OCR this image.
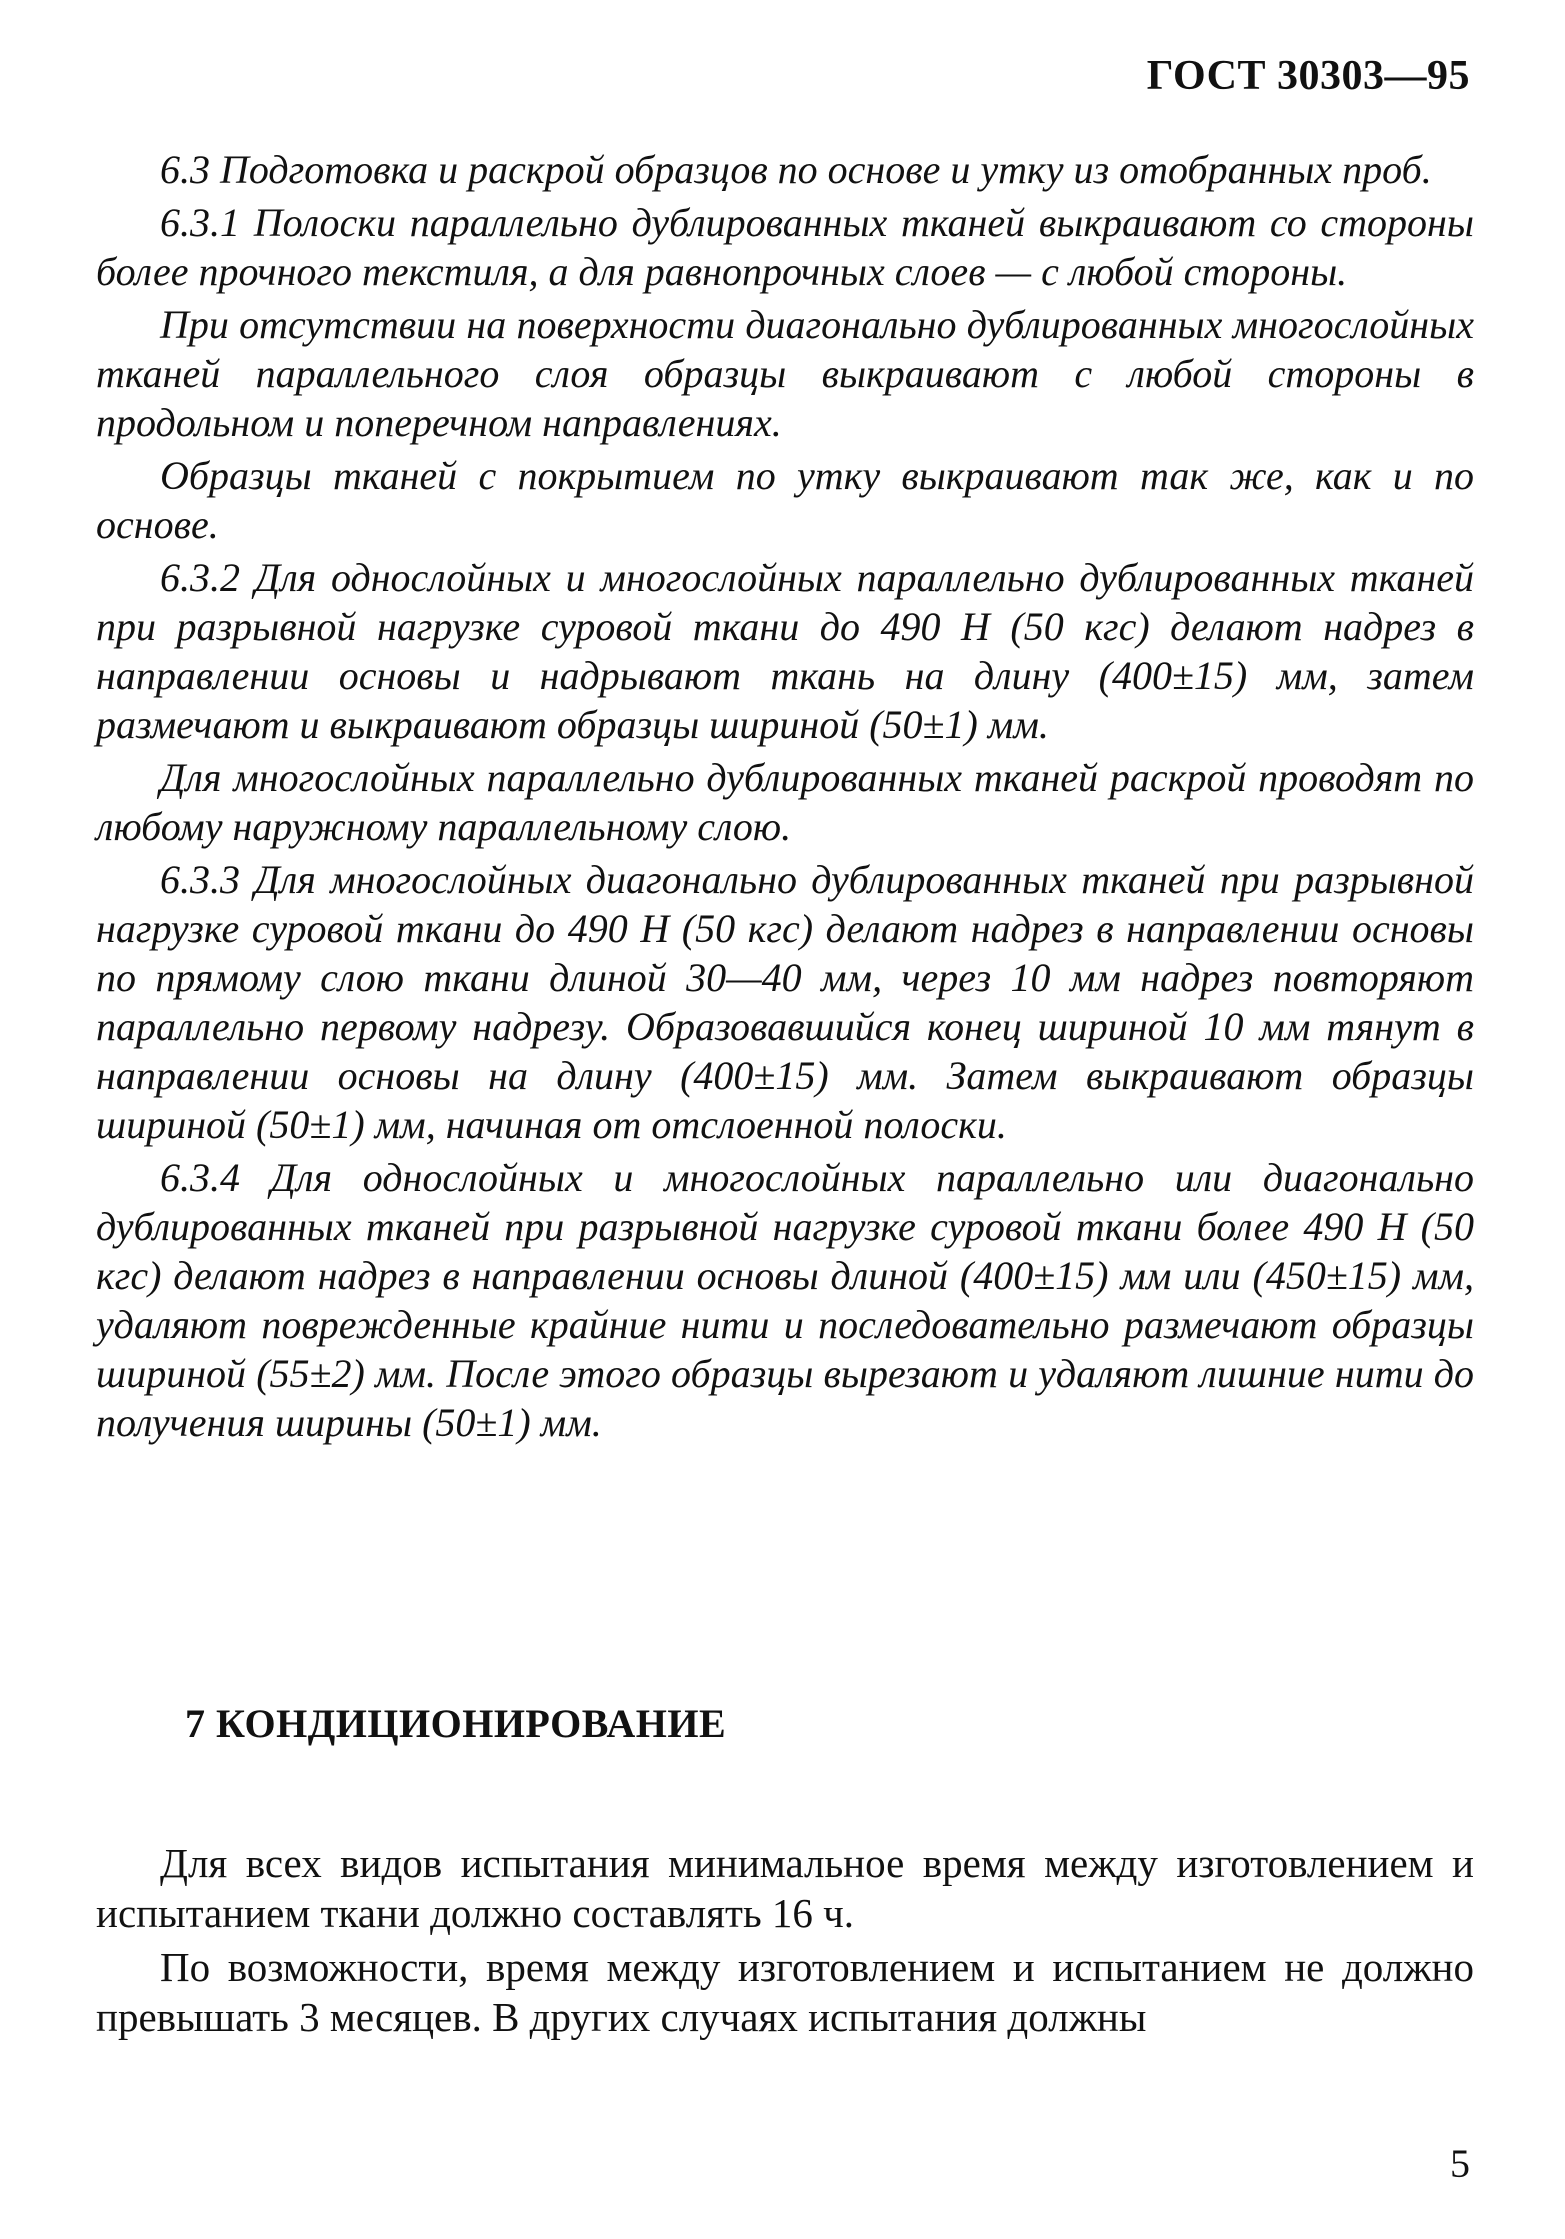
ГОСТ 30303—95

6.3 Подготовка и раскрой образцов по основе и утку из отобранных проб.

6.3.1 Полоски параллельно дублированных тканей выкраивают со стороны более прочного текстиля, а для равнопрочных слоев — с любой стороны.

При отсутствии на поверхности диагонально дублированных многослойных тканей параллельного слоя образцы выкраивают с любой стороны в продольном и поперечном направлениях.

Образцы тканей с покрытием по утку выкраивают так же, как и по основе.

6.3.2 Для однослойных и многослойных параллельно дублированных тканей при разрывной нагрузке суровой ткани до 490 Н (50 кгс) делают надрез в направлении основы и надрывают ткань на длину (400±15) мм, затем размечают и выкраивают образцы шириной (50±1) мм.

Для многослойных параллельно дублированных тканей раскрой проводят по любому наружному параллельному слою.

6.3.3 Для многослойных диагонально дублированных тканей при разрывной нагрузке суровой ткани до 490 Н (50 кгс) делают надрез в направлении основы по прямому слою ткани длиной 30—40 мм, через 10 мм надрез повторяют параллельно первому надрезу. Образовавшийся конец шириной 10 мм тянут в направлении основы на длину (400±15) мм. Затем выкраивают образцы шириной (50±1) мм, начиная от отслоенной полоски.

6.3.4 Для однослойных и многослойных параллельно или диагонально дублированных тканей при разрывной нагрузке суровой ткани более 490 Н (50 кгс) делают надрез в направлении основы длиной (400±15) мм или (450±15) мм, удаляют поврежденные крайние нити и последовательно размечают образцы шириной (55±2) мм. После этого образцы вырезают и удаляют лишние нити до получения ширины (50±1) мм.

7 КОНДИЦИОНИРОВАНИЕ

Для всех видов испытания минимальное время между изготовлением и испытанием ткани должно составлять 16 ч.

По возможности, время между изготовлением и испытанием не должно превышать 3 месяцев. В других случаях испытания должны

5
